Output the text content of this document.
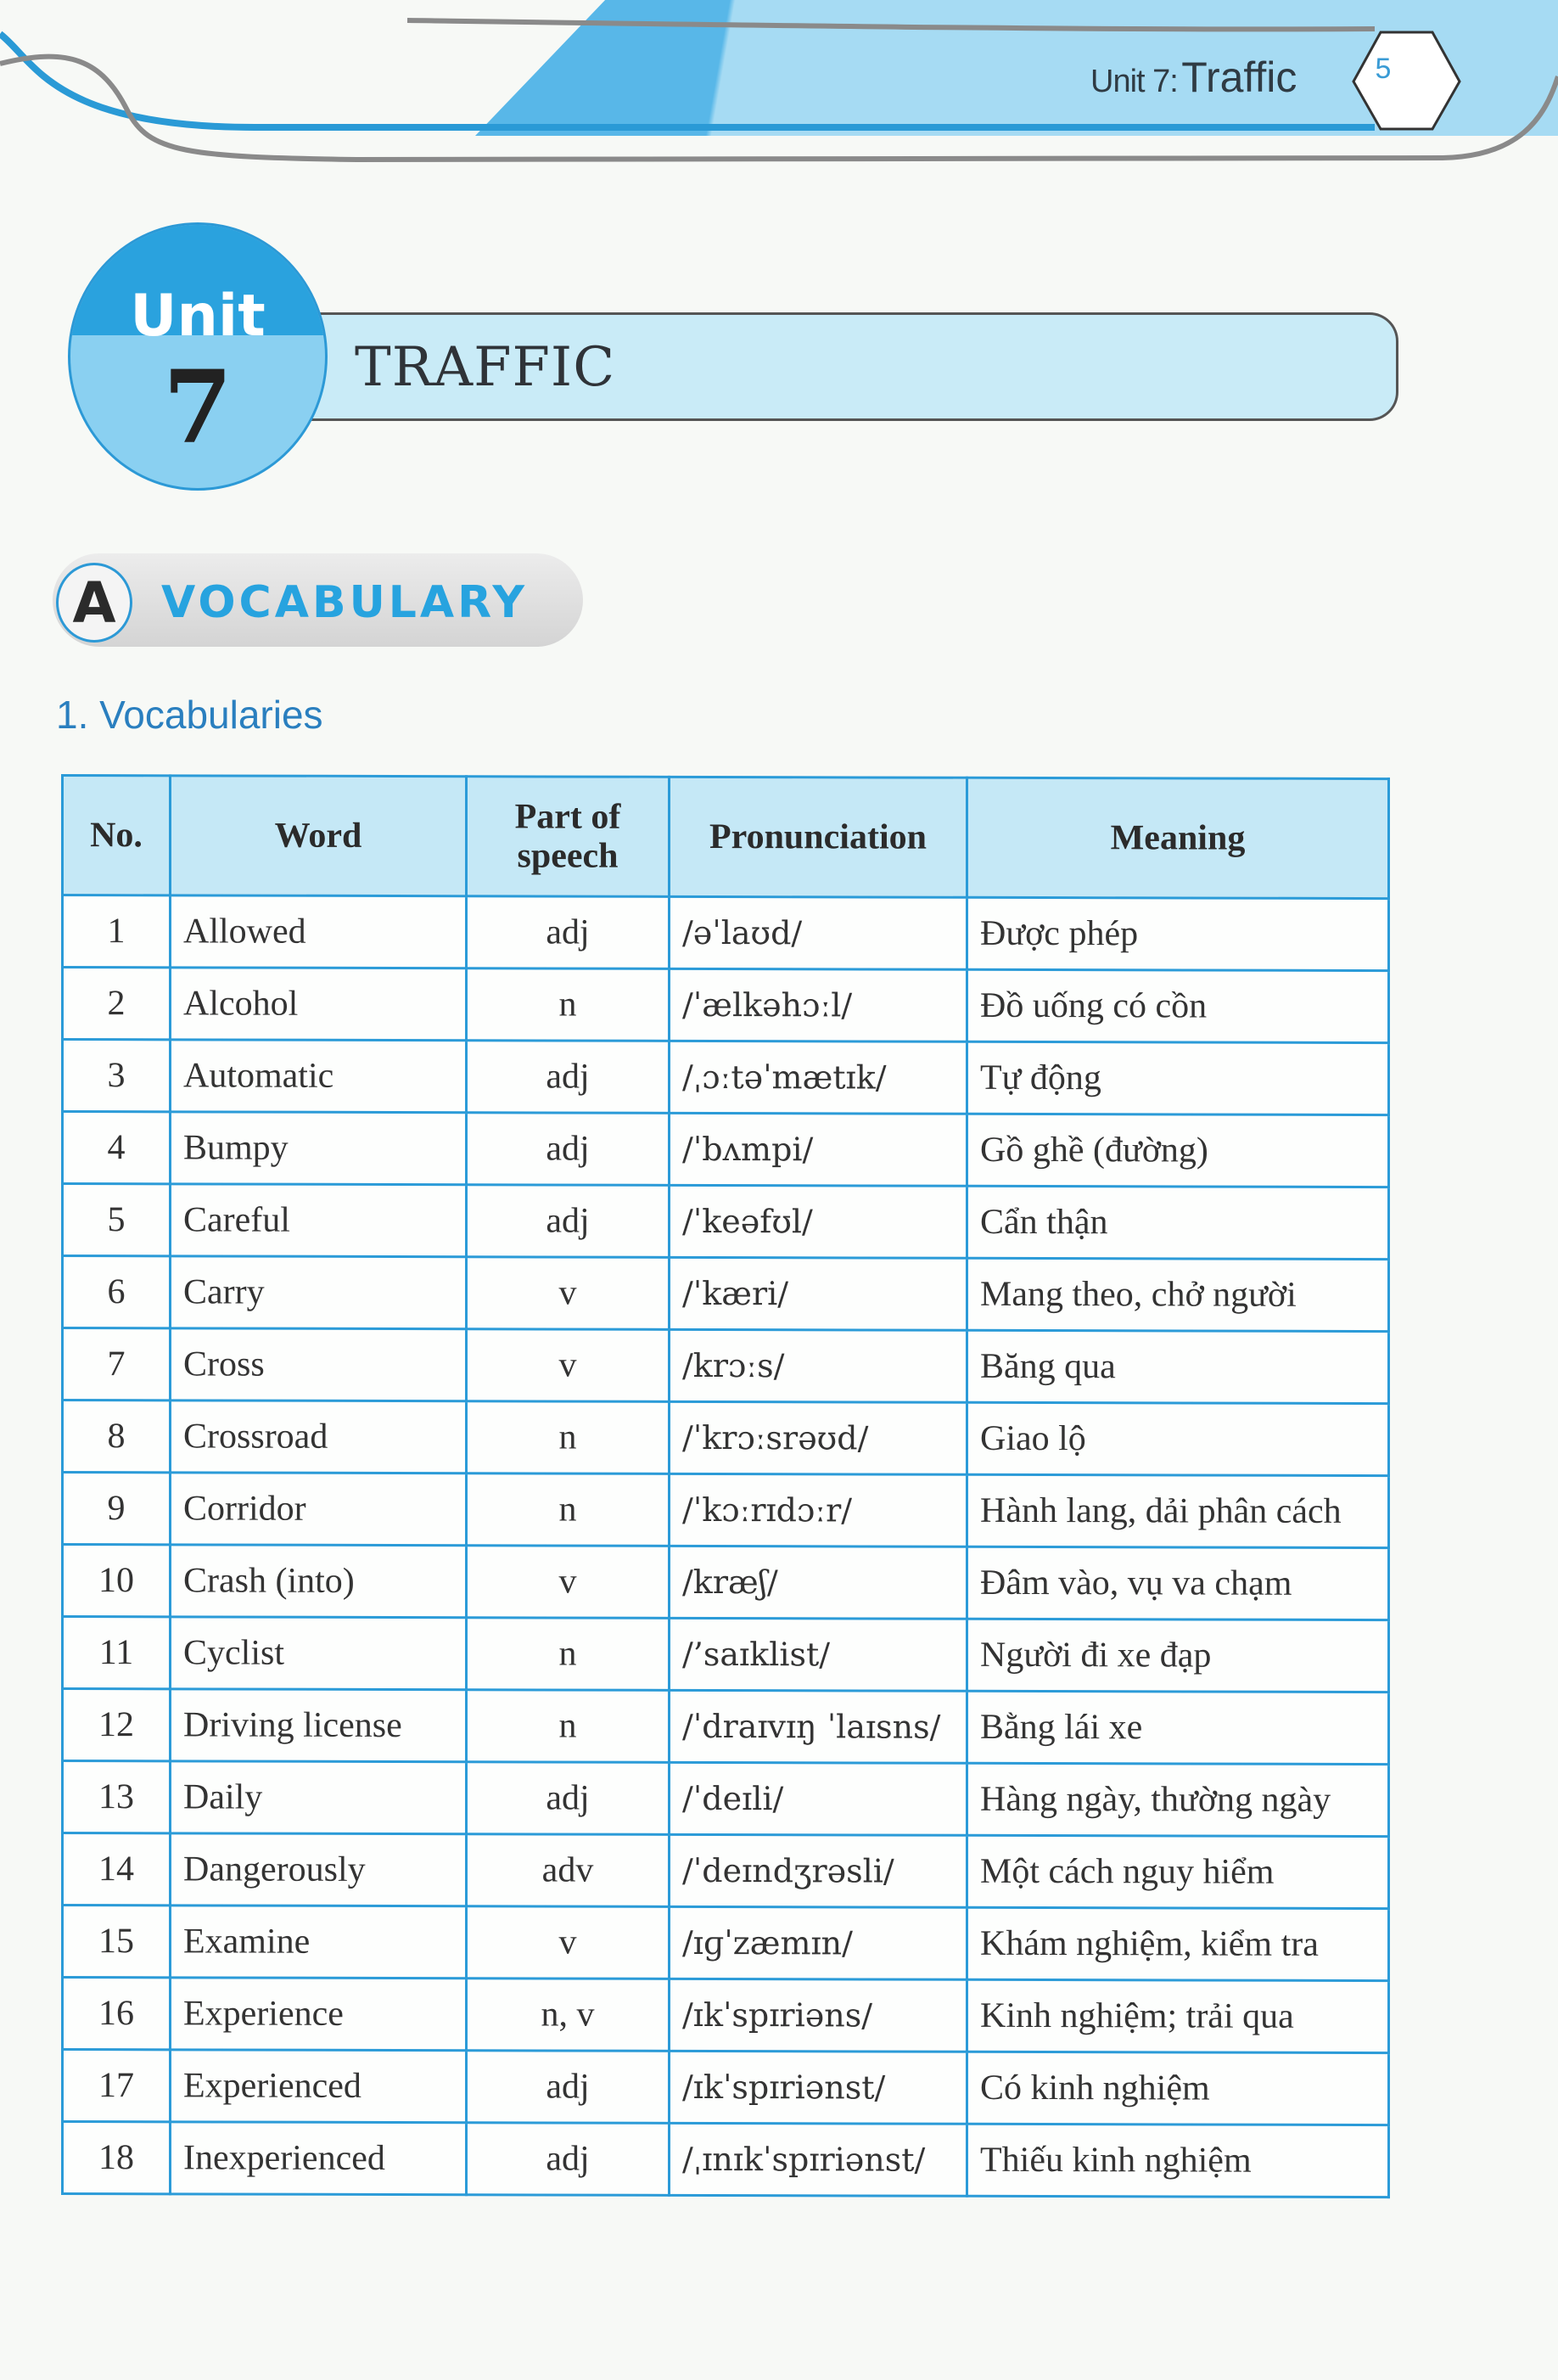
Unit 7: Traffic	5
Unit
7	TRAFFIC
A	VOCABULARY
1. Vocabularies
No.	Word	Part of speech	Pronunciation	Meaning
1	Allowed	adj	/əˈlaʊd/	Được phép
2	Alcohol	n	/ˈælkəhɔːl/	Đồ uống có cồn
3	Automatic	adj	/ˌɔːtəˈmætɪk/	Tự động
4	Bumpy	adj	/ˈbʌmpi/	Gồ ghề (đường)
5	Careful	adj	/ˈkeəfʊl/	Cẩn thận
6	Carry	v	/ˈkæri/	Mang theo, chở người
7	Cross	v	/krɔːs/	Băng qua
8	Crossroad	n	/ˈkrɔːsrəʊd/	Giao lộ
9	Corridor	n	/ˈkɔːrɪdɔːr/	Hành lang, dải phân cách
10	Crash (into)	v	/kræʃ/	Đâm vào, vụ va chạm
11	Cyclist	n	/’saɪklist/	Người đi xe đạp
12	Driving license	n	/ˈdraɪvɪŋ ˈlaɪsns/	Bằng lái xe
13	Daily	adj	/ˈdeɪli/	Hàng ngày, thường ngày
14	Dangerously	adv	/ˈdeɪndʒrəsli/	Một cách nguy hiểm
15	Examine	v	/ɪɡˈzæmɪn/	Khám nghiệm, kiểm tra
16	Experience	n, v	/ɪkˈspɪriəns/	Kinh nghiệm; trải qua
17	Experienced	adj	/ɪkˈspɪriənst/	Có kinh nghiệm
18	Inexperienced	adj	/ˌɪnɪkˈspɪriənst/	Thiếu kinh nghiệm
